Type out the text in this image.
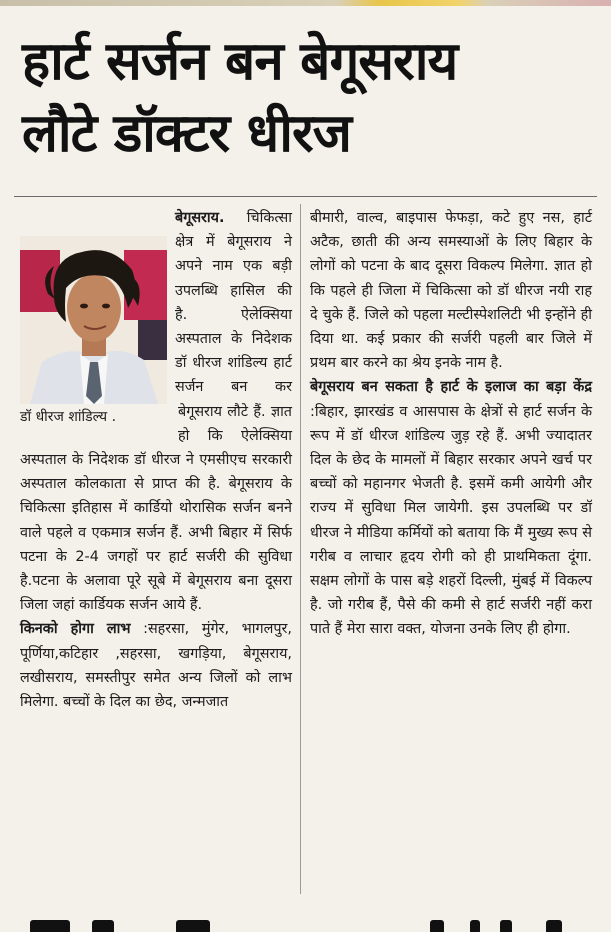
हार्ट सर्जन बन बेगूसराय
लौटे डॉक्टर धीरज
डॉ धीरज शांडिल्य .

बेगूसराय. चिकित्सा क्षेत्र में बेगूसराय ने अपने नाम एक बड़ी उपलब्धि हासिल की है. ऐलेक्सिया अस्पताल के निदेशक डॉ धीरज शांडिल्य हार्ट सर्जन बन कर बेगूसराय लौटे हैं. ज्ञात हो कि ऐलेक्सिया अस्पताल के निदेशक डॉ धीरज ने एमसीएच सरकारी अस्पताल कोलकाता से प्राप्त की है. बेगूसराय के चिकित्सा इतिहास में कार्डियो थोरासिक सर्जन बनने वाले पहले व एकमात्र सर्जन हैं. अभी बिहार में सिर्फ पटना के 2-4 जगहों पर हार्ट सर्जरी की सुविधा है.पटना के अलावा पूरे सूबे में बेगूसराय बना दूसरा जिला जहां कार्डियक सर्जन आये हैं.

किनको होगा लाभ :सहरसा, मुंगेर, भागलपुर, पूर्णिया,कटिहार ,सहरसा, खगड़िया, बेगूसराय, लखीसराय, समस्तीपुर समेत अन्य जिलों को लाभ मिलेगा. बच्चों के दिल का छेद, जन्मजात

बीमारी, वाल्व, बाइपास फेफड़ा, कटे हुए नस, हार्ट अटैक, छाती की अन्य समस्याओं के लिए बिहार के लोगों को पटना के बाद दूसरा विकल्प मिलेगा. ज्ञात हो कि पहले ही जिला में चिकित्सा को डॉ धीरज नयी राह दे चुके हैं. जिले को पहला मल्टीस्पेशलिटी भी इन्होंने ही दिया था. कई प्रकार की सर्जरी पहली बार जिले में प्रथम बार करने का श्रेय इनके नाम है.

बेगूसराय बन सकता है हार्ट के इलाज का बड़ा केंद्र :बिहार, झारखंड व आसपास के क्षेत्रों से हार्ट सर्जन के रूप में डॉ धीरज शांडिल्य जुड़ रहे हैं. अभी ज्यादातर दिल के छेद के मामलों में बिहार सरकार अपने खर्च पर बच्चों को महानगर भेजती है. इसमें कमी आयेगी और राज्य में सुविधा मिल जायेगी. इस उपलब्धि पर डॉ धीरज ने मीडिया कर्मियों को बताया कि मैं मुख्य रूप से गरीब व लाचार हृदय रोगी को ही प्राथमिकता दूंगा. सक्षम लोगों के पास बड़े शहरों दिल्ली, मुंबई में विकल्प है. जो गरीब हैं, पैसे की कमी से हार्ट सर्जरी नहीं करा पाते हैं मेरा सारा वक्त, योजना उनके लिए ही होगा.
